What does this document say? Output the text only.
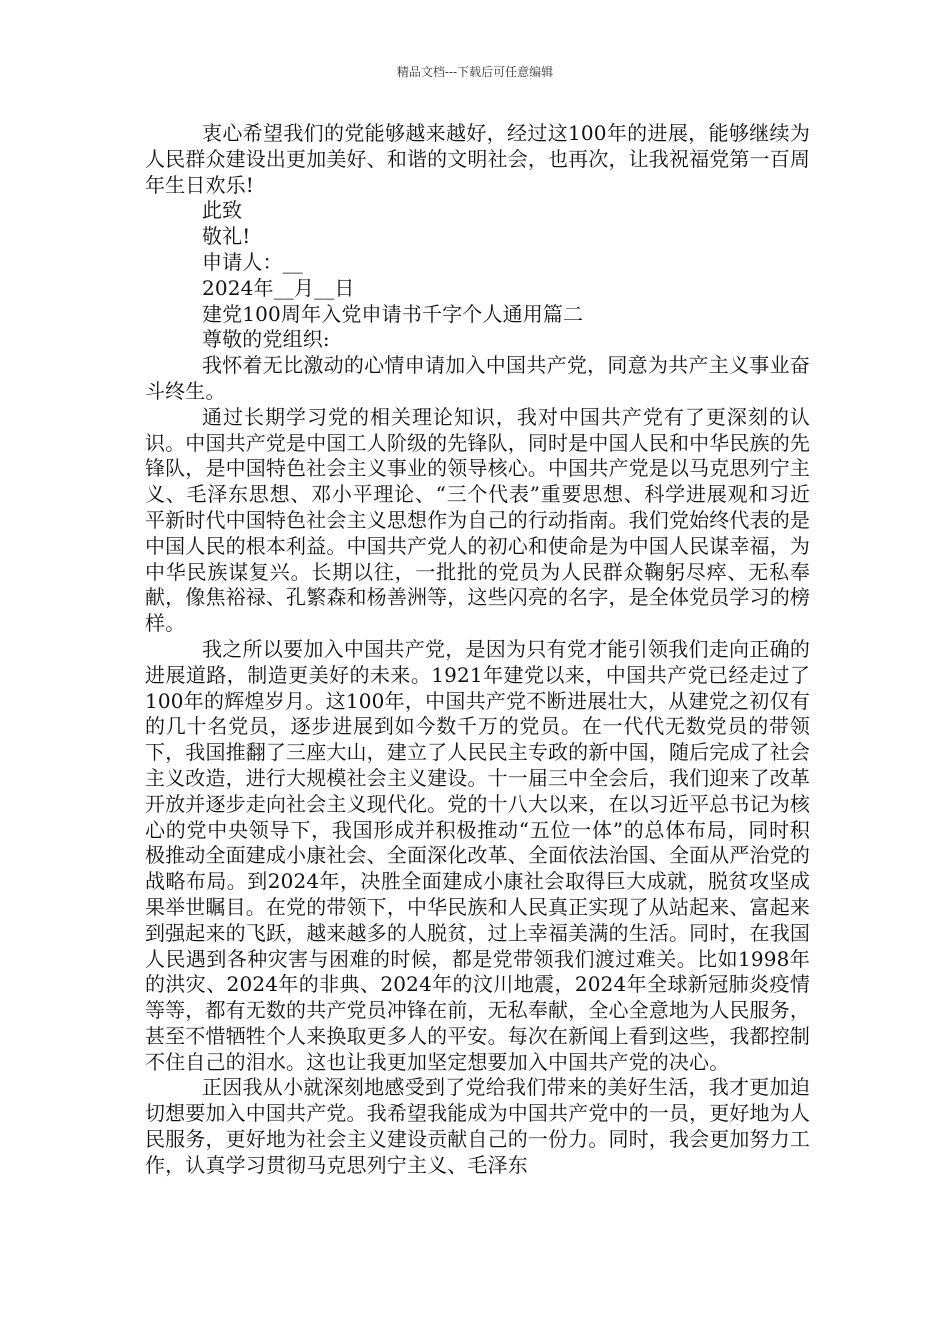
精品文档---下载后可任意编辑

衷心希望我们的党能够越来越好，经过这100年的进展，能够继续为人民群众建设出更加美好、和谐的文明社会，也再次，让我祝福党第一百周年生日欢乐!

此致

敬礼!

申请人：__

2024年__月__日

建党100周年入党申请书千字个人通用篇二

尊敬的党组织:

我怀着无比激动的心情申请加入中国共产党，同意为共产主义事业奋斗终生。

通过长期学习党的相关理论知识，我对中国共产党有了更深刻的认识。中国共产党是中国工人阶级的先锋队，同时是中国人民和中华民族的先锋队，是中国特色社会主义事业的领导核心。中国共产党是以马克思列宁主义、毛泽东思想、邓小平理论、“三个代表”重要思想、科学进展观和习近平新时代中国特色社会主义思想作为自己的行动指南。我们党始终代表的是中国人民的根本利益。中国共产党人的初心和使命是为中国人民谋幸福，为中华民族谋复兴。长期以往，一批批的党员为人民群众鞠躬尽瘁、无私奉献，像焦裕禄、孔繁森和杨善洲等，这些闪亮的名字，是全体党员学习的榜样。

我之所以要加入中国共产党，是因为只有党才能引领我们走向正确的进展道路，制造更美好的未来。1921年建党以来，中国共产党已经走过了100年的辉煌岁月。这100年，中国共产党不断进展壮大，从建党之初仅有的几十名党员，逐步进展到如今数千万的党员。在一代代无数党员的带领下，我国推翻了三座大山，建立了人民民主专政的新中国，随后完成了社会主义改造，进行大规模社会主义建设。十一届三中全会后，我们迎来了改革开放并逐步走向社会主义现代化。党的十八大以来，在以习近平总书记为核心的党中央领导下，我国形成并积极推动“五位一体”的总体布局，同时积极推动全面建成小康社会、全面深化改革、全面依法治国、全面从严治党的战略布局。到2024年，决胜全面建成小康社会取得巨大成就，脱贫攻坚成果举世瞩目。在党的带领下，中华民族和人民真正实现了从站起来、富起来到强起来的飞跃，越来越多的人脱贫，过上幸福美满的生活。同时，在我国人民遇到各种灾害与困难的时候，都是党带领我们渡过难关。比如1998年的洪灾、2024年的非典、2024年的汶川地震，2024年全球新冠肺炎疫情等等，都有无数的共产党员冲锋在前，无私奉献，全心全意地为人民服务，甚至不惜牺牲个人来换取更多人的平安。每次在新闻上看到这些，我都控制不住自己的泪水。这也让我更加坚定想要加入中国共产党的决心。

正因我从小就深刻地感受到了党给我们带来的美好生活，我才更加迫切想要加入中国共产党。我希望我能成为中国共产党中的一员，更好地为人民服务，更好地为社会主义建设贡献自己的一份力。同时，我会更加努力工作，认真学习贯彻马克思列宁主义、毛泽东
